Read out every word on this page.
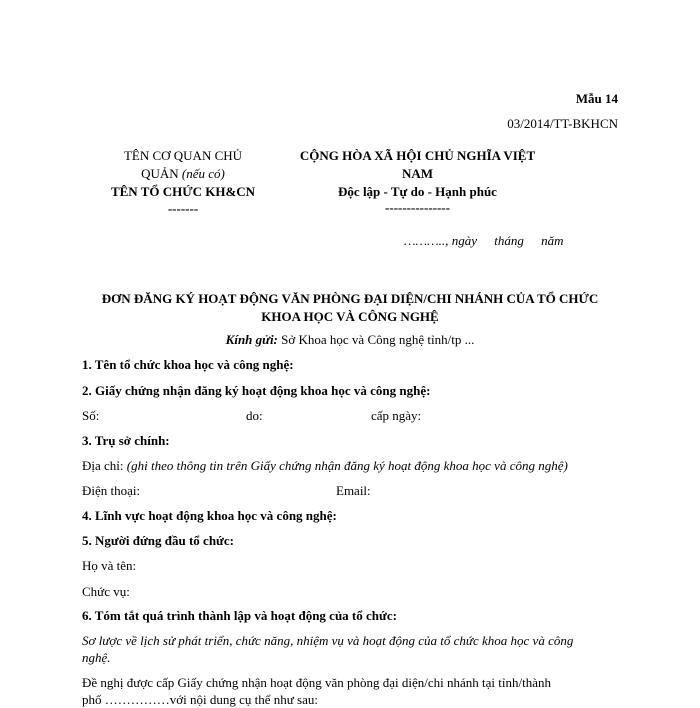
Mẫu 14
03/2014/TT-BKHCN
TÊN CƠ QUAN CHỦ
QUẢN (nếu có)
TÊN TỔ CHỨC KH&CN
-------
CỘNG HÒA XÃ HỘI CHỦ NGHĨA VIỆT
NAM
Độc lập - Tự do - Hạnh phúc
---------------
……….., ngày tháng năm
ĐƠN ĐĂNG KÝ HOẠT ĐỘNG VĂN PHÒNG ĐẠI DIỆN/CHI NHÁNH CỦA TỔ CHỨC
KHOA HỌC VÀ CÔNG NGHỆ
Kính gửi: Sở Khoa học và Công nghệ tỉnh/tp ...
1. Tên tổ chức khoa học và công nghệ:
2. Giấy chứng nhận đăng ký hoạt động khoa học và công nghệ:
Số:	do:	cấp ngày:
3. Trụ sở chính:
Địa chỉ: (ghi theo thông tin trên Giấy chứng nhận đăng ký hoạt động khoa học và công nghệ)
Điện thoại:	Email:
4. Lĩnh vực hoạt động khoa học và công nghệ:
5. Người đứng đầu tổ chức:
Họ và tên:
Chức vụ:
6. Tóm tắt quá trình thành lập và hoạt động của tổ chức:
Sơ lược về lịch sử phát triển, chức năng, nhiệm vụ và hoạt động của tổ chức khoa học và công
nghệ.
Đề nghị được cấp Giấy chứng nhận hoạt động văn phòng đại diện/chi nhánh tại tỉnh/thành
phố ……………với nội dung cụ thể như sau:
